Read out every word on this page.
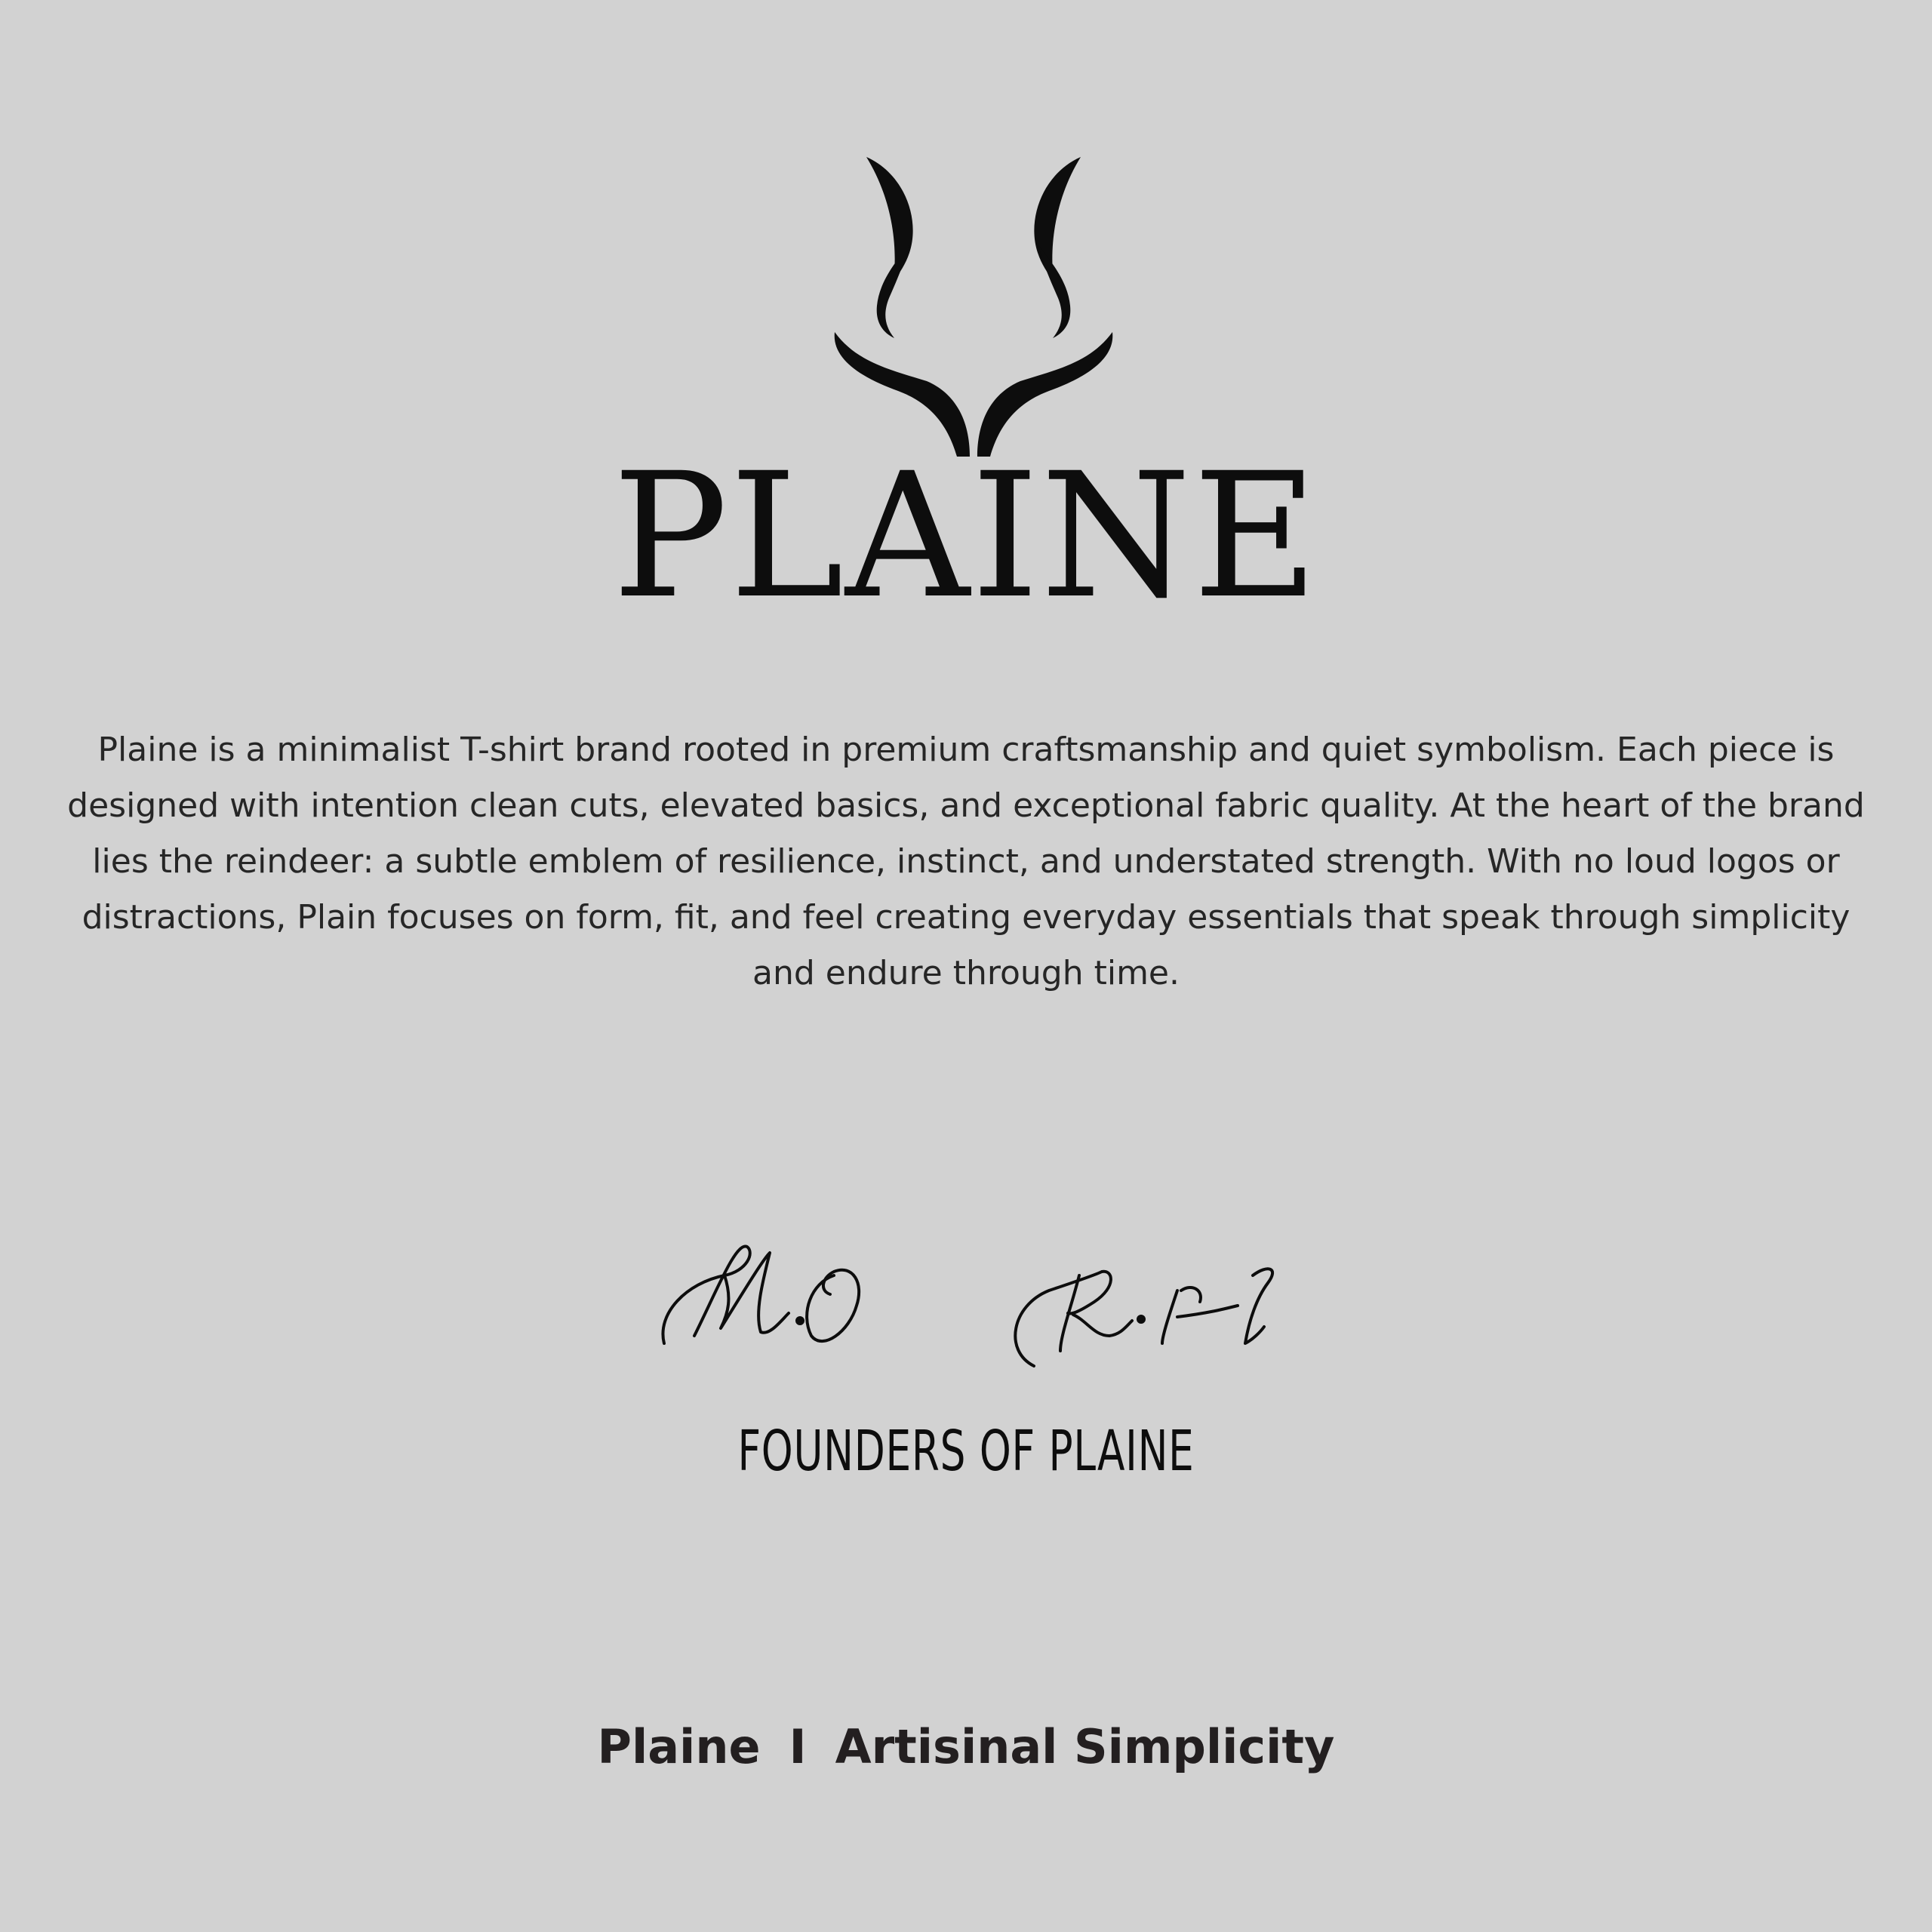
PLAINE

Plaine is a minimalist T-shirt brand rooted in premium craftsmanship and quiet symbolism. Each piece is designed with intention clean cuts, elevated basics, and exceptional fabric quality. At the heart of the brand lies the reindeer: a subtle emblem of resilience, instinct, and understated strength. With no loud logos or distractions, Plain focuses on form, fit, and feel creating everyday essentials that speak through simplicity and endure through time.

FOUNDERS OF PLAINE
Plaine I Artisinal Simplicity
